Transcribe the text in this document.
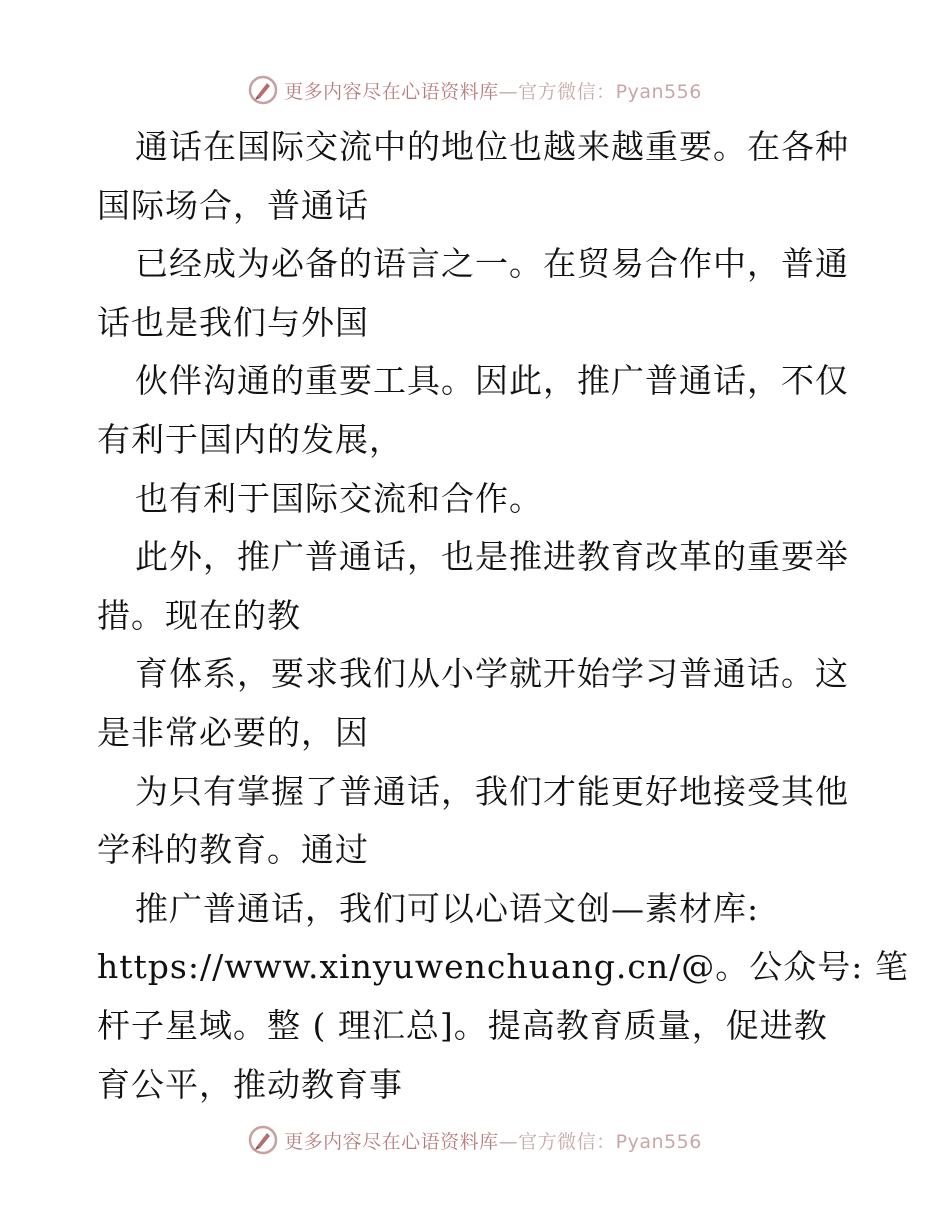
更多内容尽在心语资料库—官方微信：Pyan556
通话在国际交流中的地位也越来越重要。在各种
国际场合，普通话
已经成为必备的语言之一。在贸易合作中，普通
话也是我们与外国
伙伴沟通的重要工具。因此，推广普通话，不仅
有利于国内的发展，
也有利于国际交流和合作。
此外，推广普通话，也是推进教育改革的重要举
措。现在的教
育体系，要求我们从小学就开始学习普通话。这
是非常必要的，因
为只有掌握了普通话，我们才能更好地接受其他
学科的教育。通过
推广普通话，我们可以心语文创—素材库:
https://www.xinyuwenchuang.cn/@。公众号: 笔
杆子星域。整 ( 理汇总]。提高教育质量，促进教
育公平，推动教育事
更多内容尽在心语资料库—官方微信：Pyan556
